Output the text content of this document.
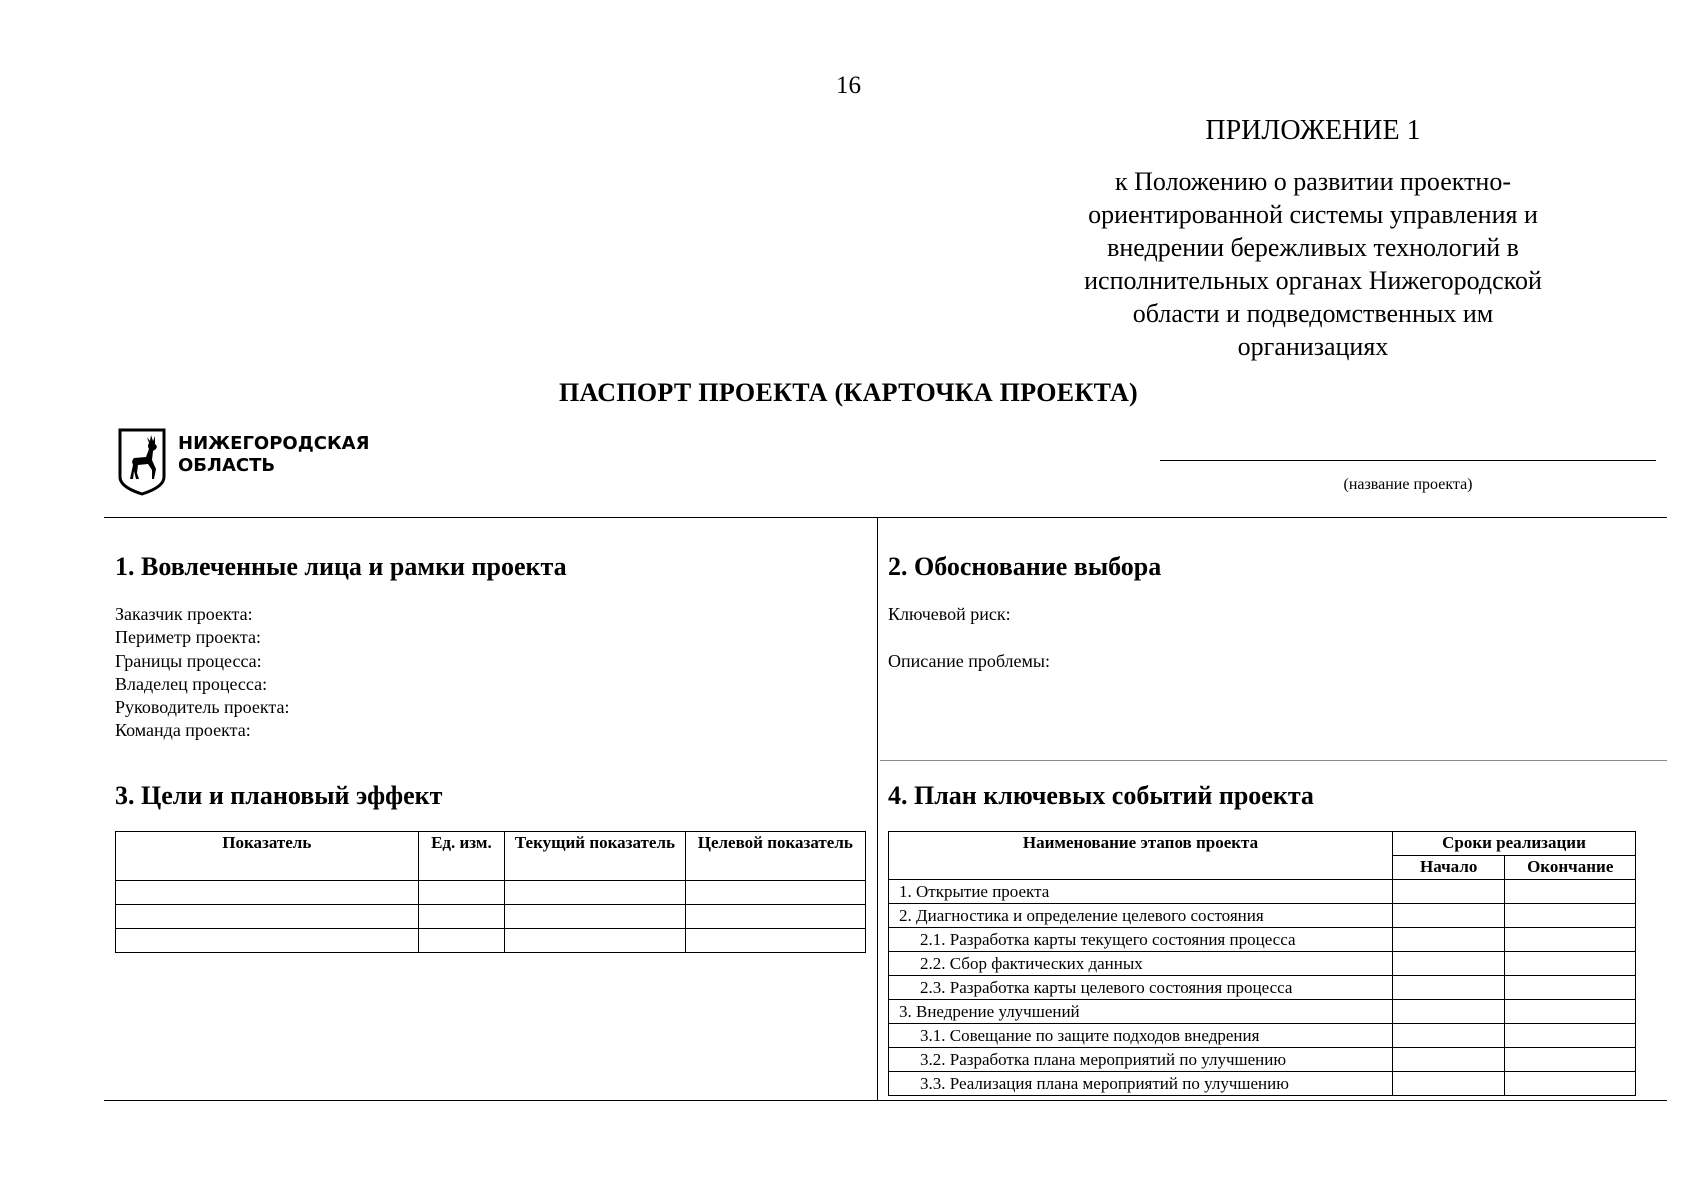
16
ПРИЛОЖЕНИЕ 1
к Положению о развитии проектно-
ориентированной системы управления и
внедрении бережливых технологий в
исполнительных органах Нижегородской
области и подведомственных им
организациях
ПАСПОРТ ПРОЕКТА (КАРТОЧКА ПРОЕКТА)
НИЖЕГОРОДСКАЯ
ОБЛАСТЬ
(название проекта)
1. Вовлеченные лица и рамки проекта
Заказчик проекта:
Периметр проекта:
Границы процесса:
Владелец процесса:
Руководитель проекта:
Команда проекта:
2. Обоснование выбора
Ключевой риск:
Описание проблемы:
3. Цели и плановый эффект
Показатель	Ед. изм.	Текущий показатель	Целевой показатель

4. План ключевых событий проекта
Наименование этапов проекта	Сроки реализации	
	Начало	Окончание
1. Открытие проекта		
2. Диагностика и определение целевого состояния		
2.1. Разработка карты текущего состояния процесса		
2.2. Сбор фактических данных		
2.3. Разработка карты целевого состояния процесса		
3. Внедрение улучшений		
3.1. Совещание по защите подходов внедрения		
3.2. Разработка плана мероприятий по улучшению		
3.3. Реализация плана мероприятий по улучшению		
